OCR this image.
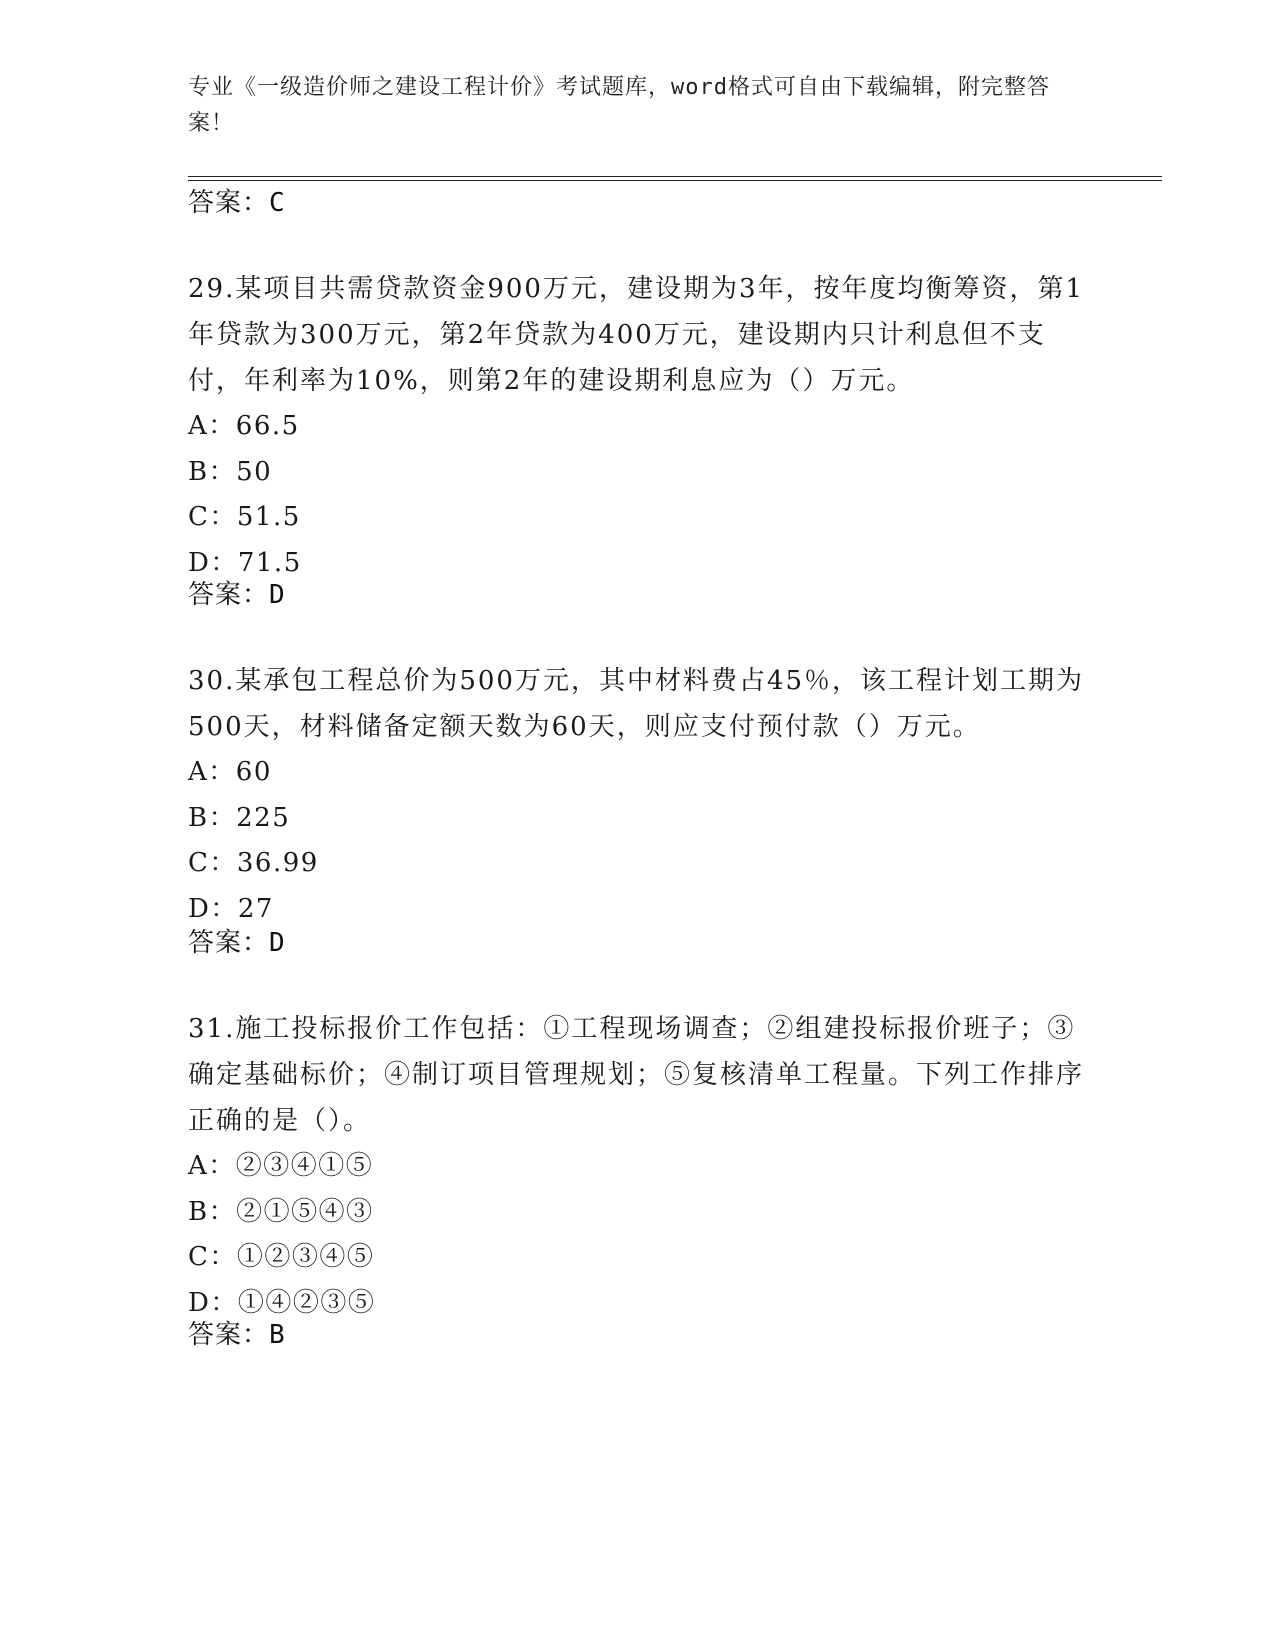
专业《一级造价师之建设工程计价》考试题库，word格式可自由下载编辑，附完整答案！

答案：C

29.某项目共需贷款资金900万元，建设期为3年，按年度均衡筹资，第1年贷款为300万元，第2年贷款为400万元，建设期内只计利息但不支付，年利率为10%，则第2年的建设期利息应为（）万元。

A：66.5

B：50

C：51.5

D：71.5

答案：D

30.某承包工程总价为500万元，其中材料费占45％，该工程计划工期为500天，材料储备定额天数为60天，则应支付预付款（）万元。

A：60

B：225

C：36.99

D：27

答案：D

31.施工投标报价工作包括：①工程现场调查；②组建投标报价班子；③确定基础标价；④制订项目管理规划；⑤复核清单工程量。下列工作排序正确的是（）。

A：②③④①⑤

B：②①⑤④③

C：①②③④⑤

D：①④②③⑤

答案：B
